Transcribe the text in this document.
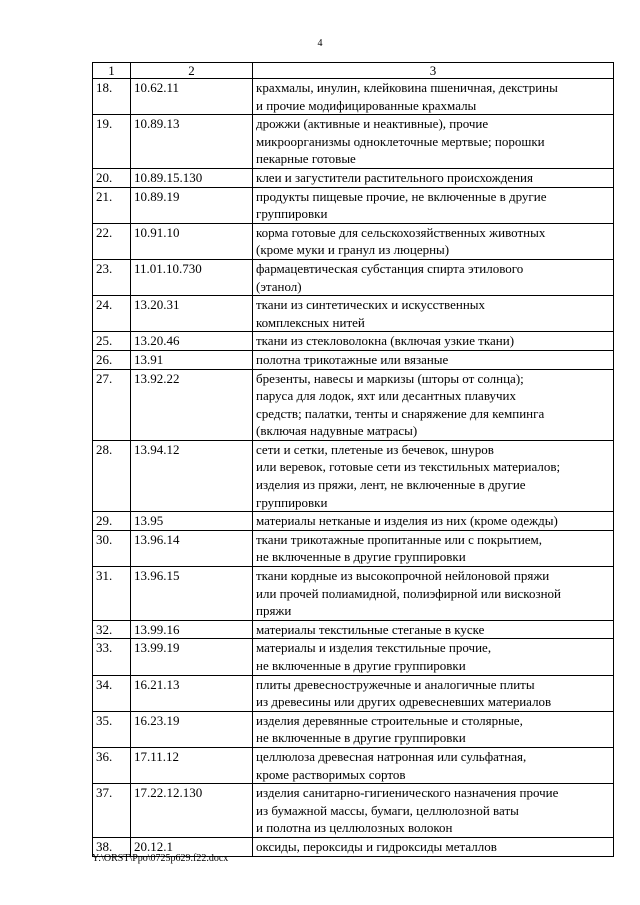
4
1	2	3
18.	10.62.11	крахмалы, инулин, клейковина пшеничная, декстрины
и прочие модифицированные крахмалы

19.	10.89.13	дрожжи (активные и неактивные), прочие
микроорганизмы одноклеточные мертвые; порошки
пекарные готовые

20.	10.89.15.130	клеи и загустители растительного происхождения

21.	10.89.19	продукты пищевые прочие, не включенные в другие
группировки

22.	10.91.10	корма готовые для сельскохозяйственных животных
(кроме муки и гранул из люцерны)

23.	11.01.10.730	фармацевтическая субстанция спирта этилового
(этанол)

24.	13.20.31	ткани из синтетических и искусственных
комплексных нитей

25.	13.20.46	ткани из стекловолокна (включая узкие ткани)

26.	13.91	полотна трикотажные или вязаные

27.	13.92.22	брезенты, навесы и маркизы (шторы от солнца);
паруса для лодок, яхт или десантных плавучих
средств; палатки, тенты и снаряжение для кемпинга
(включая надувные матрасы)

28.	13.94.12	сети и сетки, плетеные из бечевок, шнуров
или веревок, готовые сети из текстильных материалов;
изделия из пряжи, лент, не включенные в другие
группировки

29.	13.95	материалы нетканые и изделия из них (кроме одежды)

30.	13.96.14	ткани трикотажные пропитанные или с покрытием,
не включенные в другие группировки

31.	13.96.15	ткани кордные из высокопрочной нейлоновой пряжи
или прочей полиамидной, полиэфирной или вискозной
пряжи

32.	13.99.16	материалы текстильные стеганые в куске

33.	13.99.19	материалы и изделия текстильные прочие,
не включенные в другие группировки

34.	16.21.13	плиты древесностружечные и аналогичные плиты
из древесины или других одревесневших материалов

35.	16.23.19	изделия деревянные строительные и столярные,
не включенные в другие группировки

36.	17.11.12	целлюлоза древесная натронная или сульфатная,
кроме растворимых сортов

37.	17.22.12.130	изделия санитарно-гигиенического назначения прочие
из бумажной массы, бумаги, целлюлозной ваты
и полотна из целлюлозных волокон

38.	20.12.1	оксиды, пероксиды и гидроксиды металлов
Y:\ORST\Ppo\0725p629.f22.docx
